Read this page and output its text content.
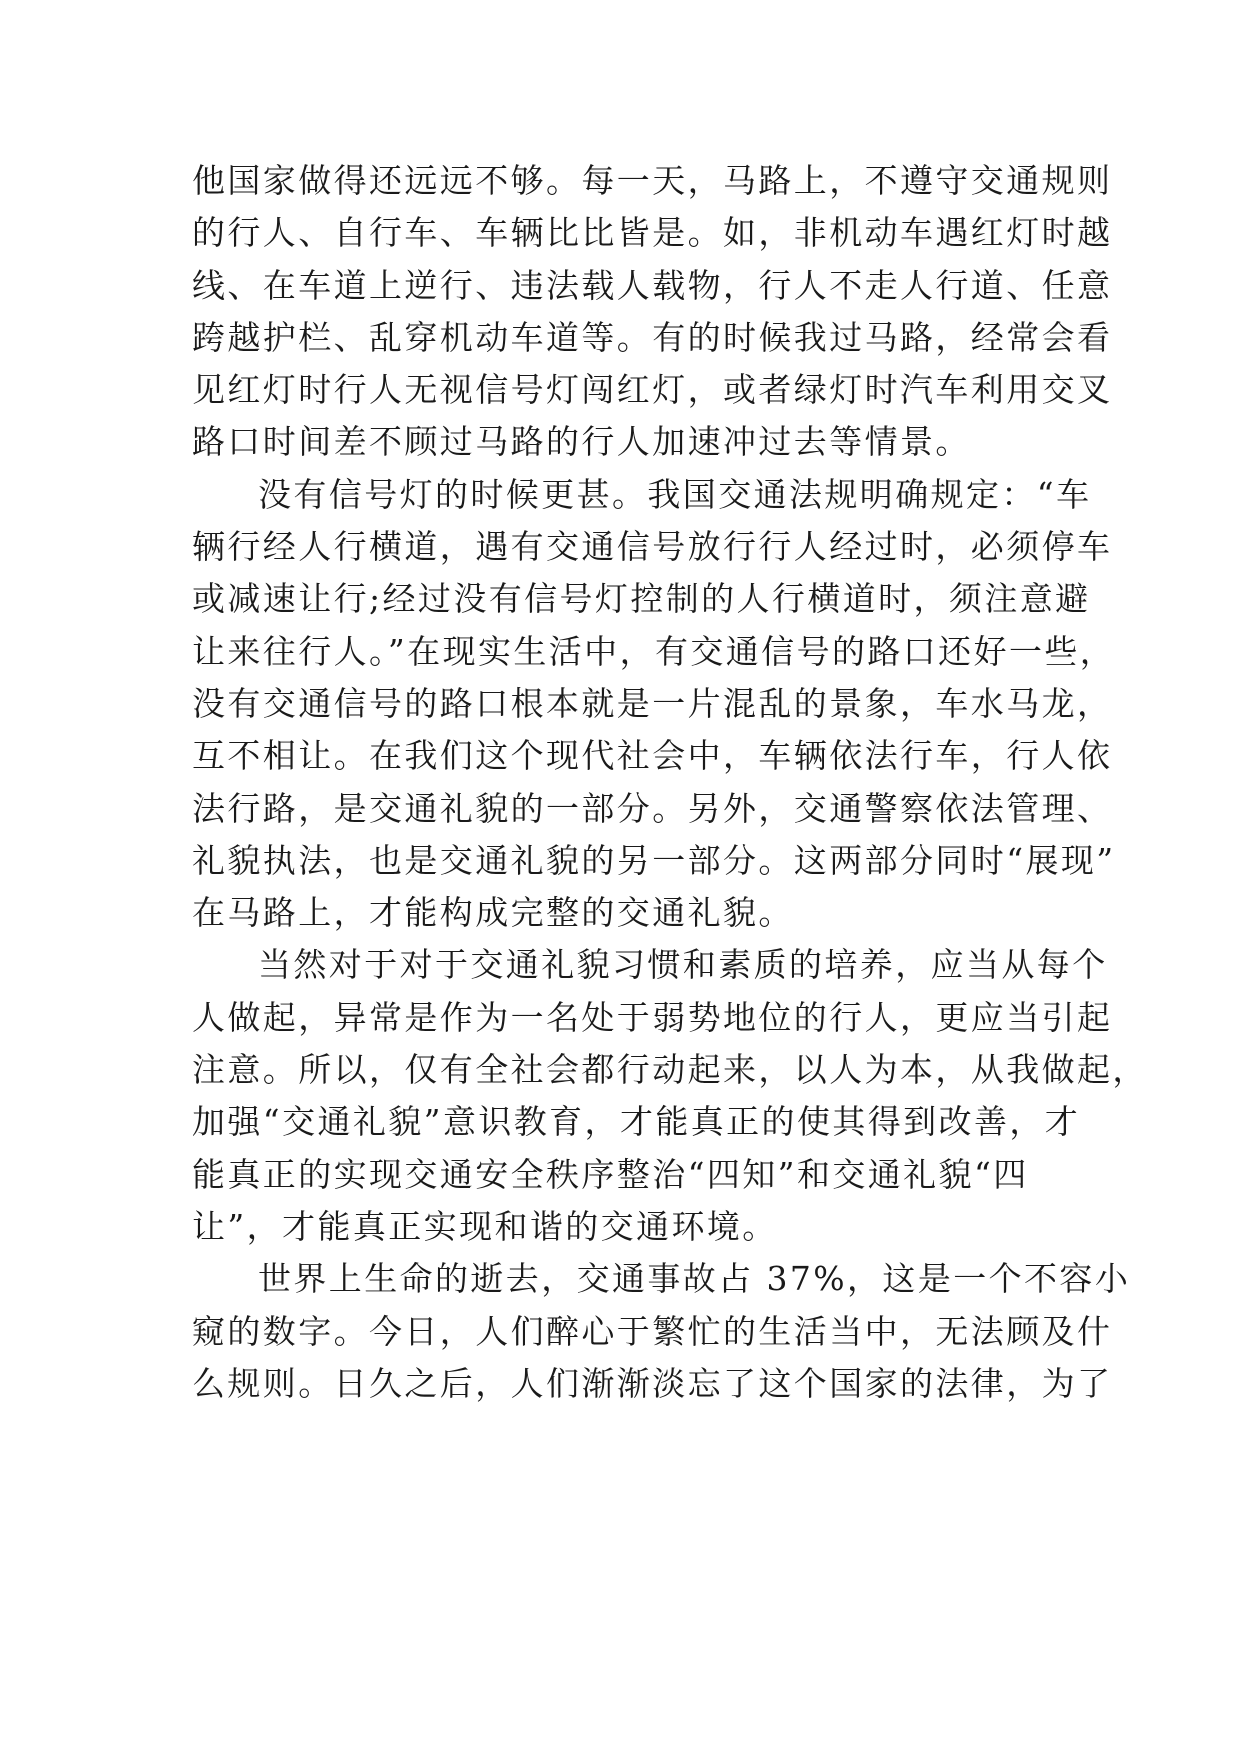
他国家做得还远远不够。每一天，马路上，不遵守交通规则
的行人、自行车、车辆比比皆是。如，非机动车遇红灯时越
线、在车道上逆行、违法载人载物，行人不走人行道、任意
跨越护栏、乱穿机动车道等。有的时候我过马路，经常会看
见红灯时行人无视信号灯闯红灯，或者绿灯时汽车利用交叉
路口时间差不顾过马路的行人加速冲过去等情景。
没有信号灯的时候更甚。我国交通法规明确规定：“车
辆行经人行横道，遇有交通信号放行行人经过时，必须停车
或减速让行;经过没有信号灯控制的人行横道时，须注意避
让来往行人。”在现实生活中，有交通信号的路口还好一些，
没有交通信号的路口根本就是一片混乱的景象，车水马龙，
互不相让。在我们这个现代社会中，车辆依法行车，行人依
法行路，是交通礼貌的一部分。另外，交通警察依法管理、
礼貌执法，也是交通礼貌的另一部分。这两部分同时“展现”
在马路上，才能构成完整的交通礼貌。
当然对于对于交通礼貌习惯和素质的培养，应当从每个
人做起，异常是作为一名处于弱势地位的行人，更应当引起
注意。所以，仅有全社会都行动起来，以人为本，从我做起，
加强“交通礼貌”意识教育，才能真正的使其得到改善，才
能真正的实现交通安全秩序整治“四知”和交通礼貌“四
让”，才能真正实现和谐的交通环境。
世界上生命的逝去，交通事故占 37%，这是一个不容小
窥的数字。今日，人们醉心于繁忙的生活当中，无法顾及什
么规则。日久之后，人们渐渐淡忘了这个国家的法律，为了
